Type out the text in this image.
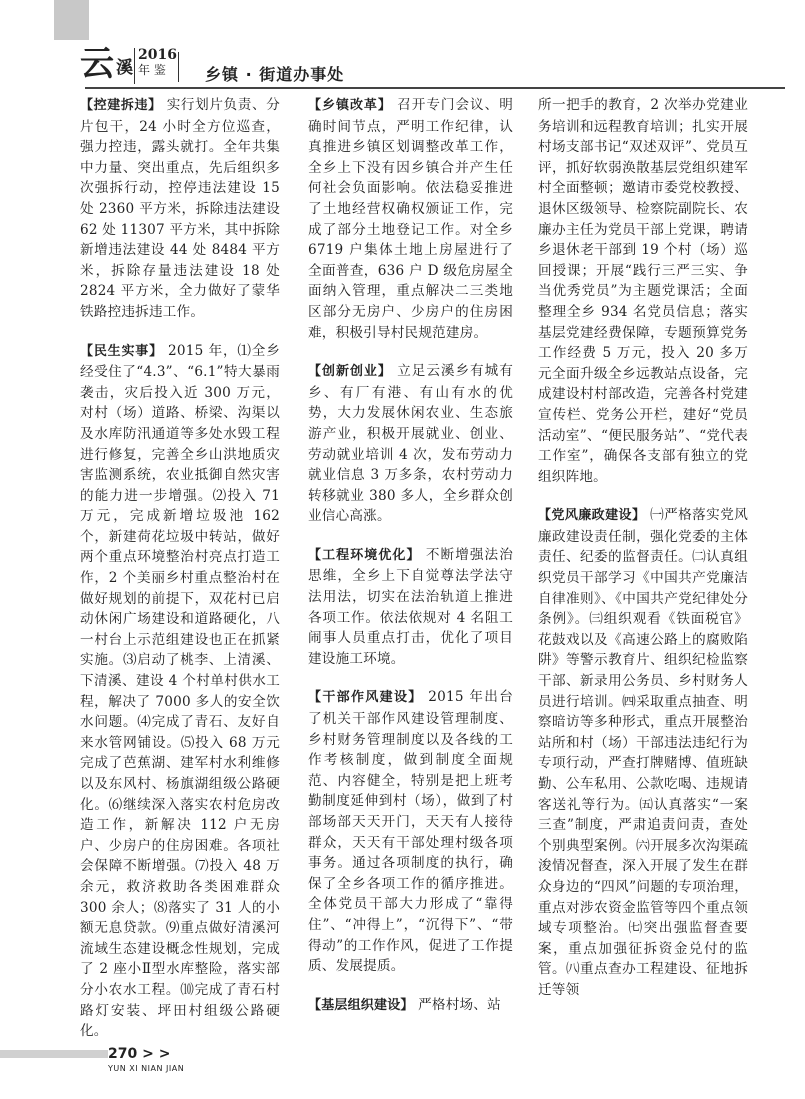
云 溪
2016
年 鉴	乡镇 · 街道办事处

【控建拆违】 实行划片负责、分片包干，24 小时全方位巡查，强力控违，露头就打。全年共集中力量、突出重点，先后组织多次强拆行动，控停违法建设 15 处 2360 平方米，拆除违法建设 62 处 11307 平方米，其中拆除新增违法建设 44 处 8484 平方米，拆除存量违法建设 18 处 2824 平方米，全力做好了蒙华铁路控违拆违工作。

【民生实事】 2015 年，⑴全乡经受住了“4.3”、“6.1”特大暴雨袭击，灾后投入近 300 万元，对村（场）道路、桥梁、沟渠以及水库防汛通道等多处水毁工程进行修复，完善全乡山洪地质灾害监测系统，农业抵御自然灾害的能力进一步增强。⑵投入 71 万元，完成新增垃圾池 162 个，新建荷花垃圾中转站，做好两个重点环境整治村亮点打造工作，2 个美丽乡村重点整治村在做好规划的前提下，双花村已启动休闲广场建设和道路硬化，八一村台上示范组建设也正在抓紧实施。⑶启动了桃李、上清溪、下清溪、建设 4 个村单村供水工程，解决了 7000 多人的安全饮水问题。⑷完成了青石、友好自来水管网铺设。⑸投入 68 万元完成了芭蕉湖、建军村水利维修以及东风村、杨旗湖组级公路硬化。⑹继续深入落实农村危房改造工作，新解决 112 户无房户、少房户的住房困难。各项社会保障不断增强。⑺投入 48 万余元，救济救助各类困难群众 300 余人；⑻落实了 31 人的小额无息贷款。⑼重点做好清溪河流域生态建设概念性规划，完成了 2 座小Ⅱ型水库整险，落实部分小农水工程。⑽完成了青石村路灯安装、坪田村组级公路硬化。

【乡镇改革】 召开专门会议、明确时间节点，严明工作纪律，认真推进乡镇区划调整改革工作，全乡上下没有因乡镇合并产生任何社会负面影响。依法稳妥推进了土地经营权确权颁证工作，完成了部分土地登记工作。对全乡 6719 户集体土地上房屋进行了全面普查，636 户 D 级危房屋全面纳入管理，重点解决二三类地区部分无房户、少房户的住房困难，积极引导村民规范建房。

【创新创业】 立足云溪乡有城有乡、有厂有港、有山有水的优势，大力发展休闲农业、生态旅游产业，积极开展就业、创业、劳动就业培训 4 次，发布劳动力就业信息 3 万多条，农村劳动力转移就业 380 多人，全乡群众创业信心高涨。

【工程环境优化】 不断增强法治思维，全乡上下自觉尊法学法守法用法，切实在法治轨道上推进各项工作。依法依规对 4 名阻工闹事人员重点打击，优化了项目建设施工环境。

【干部作风建设】 2015 年出台了机关干部作风建设管理制度、乡村财务管理制度以及各线的工作考核制度，做到制度全面规范、内容健全，特别是把上班考勤制度延伸到村（场），做到了村部场部天天开门，天天有人接待群众，天天有干部处理村级各项事务。通过各项制度的执行，确保了全乡各项工作的循序推进。全体党员干部大力形成了“靠得住”、“冲得上”，“沉得下”、“带得动”的工作作风，促进了工作提质、发展提质。

【基层组织建设】 严格村场、站

所一把手的教育，2 次举办党建业务培训和远程教育培训；扎实开展村场支部书记“双述双评”、党员互评，抓好软弱涣散基层党组织建军村全面整顿；邀请市委党校教授、退休区级领导、检察院副院长、农廉办主任为党员干部上党课，聘请乡退休老干部到 19 个村（场）巡回授课；开展“践行三严三实、争当优秀党员”为主题党课活；全面整理全乡 934 名党员信息；落实基层党建经费保障，专题预算党务工作经费 5 万元，投入 20 多万元全面升级全乡远教站点设备，完成建设村村部改造，完善各村党建宣传栏、党务公开栏，建好“党员活动室”、“便民服务站”、“党代表工作室”，确保各支部有独立的党组织阵地。

【党风廉政建设】 ㈠严格落实党风廉政建设责任制，强化党委的主体责任、纪委的监督责任。㈡认真组织党员干部学习《中国共产党廉洁自律准则》、《中国共产党纪律处分条例》。㈢组织观看《铁面税官》花鼓戏以及《高速公路上的腐败陷阱》等警示教育片、组织纪检监察干部、新录用公务员、乡村财务人员进行培训。㈣采取重点抽查、明察暗访等多种形式，重点开展整治站所和村（场）干部违法违纪行为专项行动，严查打牌赌博、值班缺勤、公车私用、公款吃喝、违规请客送礼等行为。㈤认真落实“一案三查”制度，严肃追责问责，查处个别典型案例。㈥开展多次沟渠疏浚情况督查，深入开展了发生在群众身边的“四风”问题的专项治理，重点对涉农资金监管等四个重点领域专项整治。㈦突出强监督查要案，重点加强征拆资金兑付的监管。㈧重点查办工程建设、征地拆迁等领

270 > >
YUN XI NIAN JIAN
